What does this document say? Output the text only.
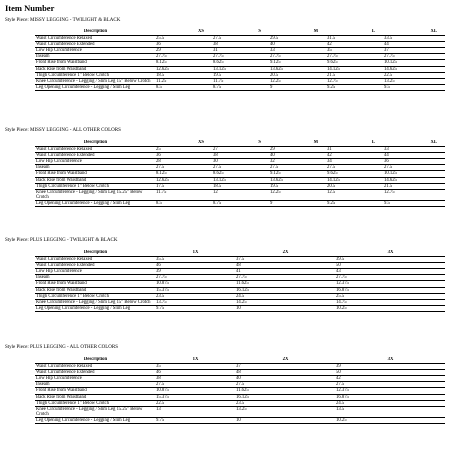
Item Number
Style Piece: MISSY LEGGING - TWILIGHT & BLACK
Description	XS	S	M	L	XL
Waist Circumference Relaxed	25.5	27.5	29.5	31.5	33.5
Waist Circumference Extended	36	38	40	42	44
Low Hip Circumference	29	31	33	35	37
Inseam	27.75	27.75	27.75	27.75	27.75
Front Rise from Waistband	8.125	8.625	9.125	9.625	10.125
Back Rise from Waistband	12.625	13.125	13.625	14.125	14.625
Thigh Circumference 1" Below Crotch	18.5	19.5	20.5	21.5	22.5
Knee Circumference - Legging / Slim Leg 15" Below Crotch	11.25	11.75	12.25	12.75	13.25
Leg Opening Circumference - Legging / Slim Leg	8.5	8.75	9	9.25	9.5
Style Piece: MISSY LEGGING - ALL OTHER COLORS
Description	XS	S	M	L	XL
Waist Circumference Relaxed	25	27	29	31	33
Waist Circumference Extended	36	38	40	42	44
Low Hip Circumference	28	30	32	34	36
Inseam	27.5	27.5	27.5	27.5	27.5
Front Rise from Waistband	8.125	8.625	9.125	9.625	10.125
Back Rise from Waistband	12.625	13.125	13.625	14.125	14.625
Thigh Circumference 1" Below Crotch	17.5	18.5	19.5	20.5	21.5
Knee Circumference - Legging / Slim Leg 15.25" Below Crotch	11.75	12	12.25	12.5	12.75
Leg Opening Circumference - Legging / Slim Leg	8.5	8.75	9	9.25	9.5
Style Piece: PLUS LEGGING - TWILIGHT & BLACK
Description	1X	2X	3X
Waist Circumference Relaxed	35.5	37.5	39.5
Waist Circumference Extended	46	48	50
Low Hip Circumference	39	41	43
Inseam	27.75	27.75	27.75
Front Rise from Waistband	10.875	11.625	12.375
Back Rise from Waistband	15.375	16.125	16.875
Thigh Circumference 1" Below Crotch	23.5	24.5	25.5
Knee Circumference - Legging / Slim Leg 15" Below Crotch	13.75	14.25	14.75
Leg Opening Circumference - Legging / Slim Leg	9.75	10	10.25
Style Piece: PLUS LEGGING - ALL OTHER COLORS
Description	1X	2X	3X
Waist Circumference Relaxed	35	37	39
Waist Circumference Extended	46	48	50
Low Hip Circumference	38	40	42
Inseam	27.5	27.5	27.5
Front Rise from Waistband	10.875	11.625	12.375
Back Rise from Waistband	15.375	16.125	16.875
Thigh Circumference 1" Below Crotch	22.5	23.5	24.5
Knee Circumference - Legging / Slim Leg 15.25" Below Crotch	13	13.25	13.5
Leg Opening Circumference - Legging / Slim Leg	9.75	10	10.25
